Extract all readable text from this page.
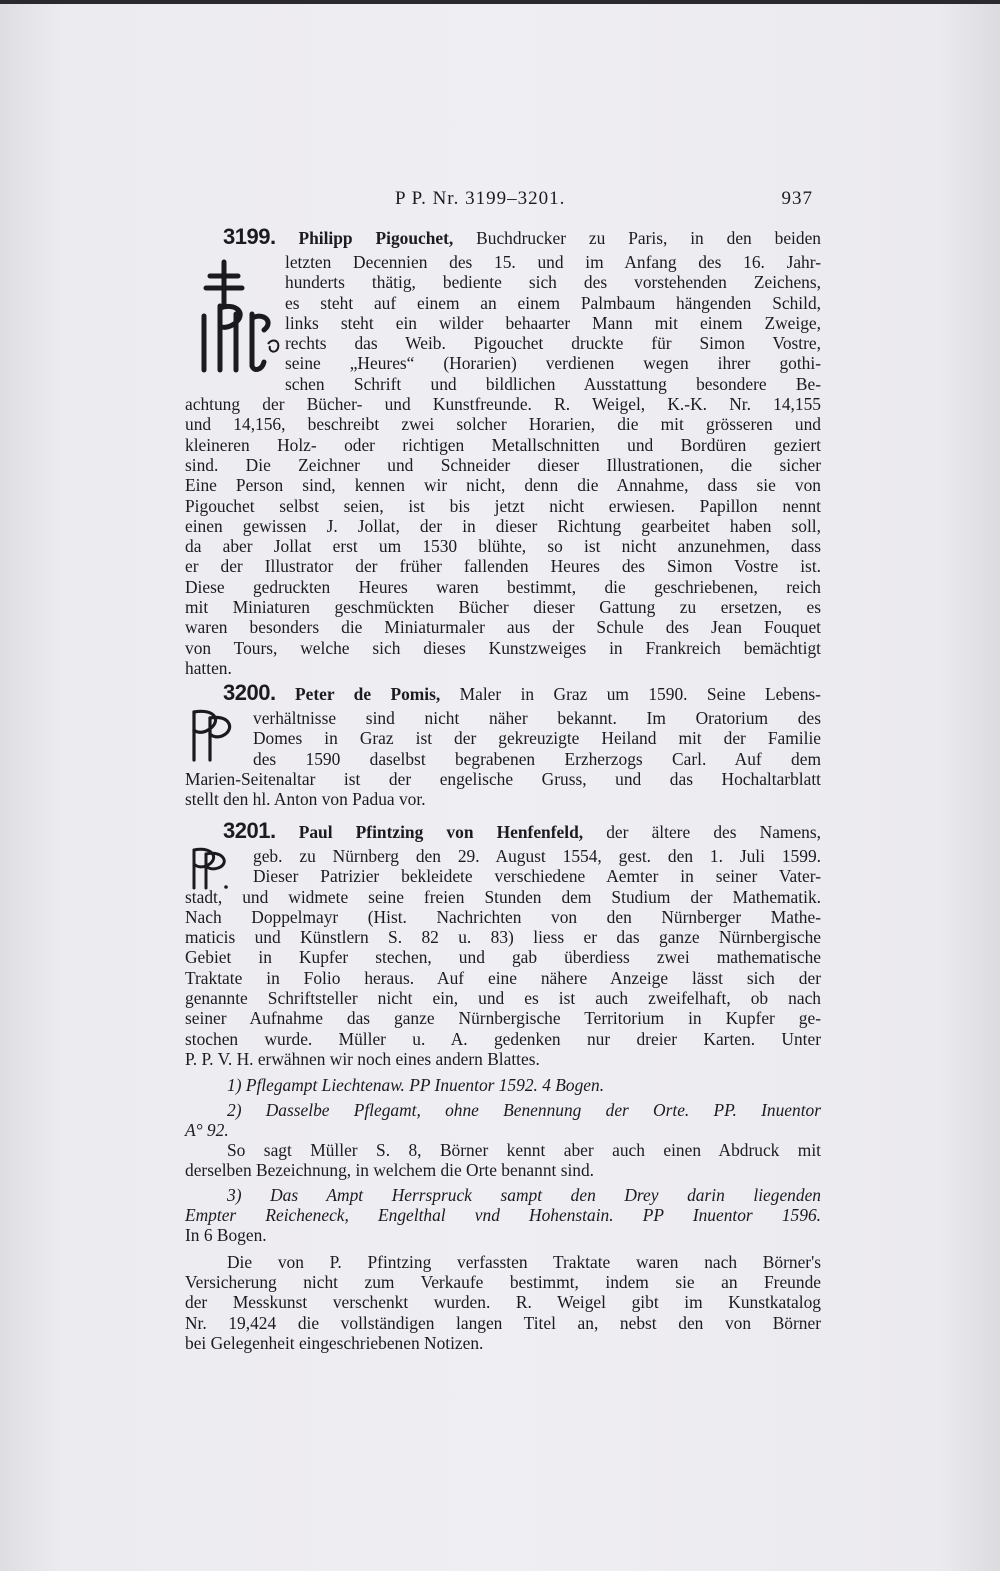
P P. Nr. 3199–3201.	937
3199. Philipp Pigouchet, Buchdrucker zu Paris, in den beiden
letzten Decennien des 15. und im Anfang des 16. Jahr-
hunderts thätig, bediente sich des vorstehenden Zeichens,
es steht auf einem an einem Palmbaum hängenden Schild,
links steht ein wilder behaarter Mann mit einem Zweige,
rechts das Weib. Pigouchet druckte für Simon Vostre,
seine „Heures“ (Horarien) verdienen wegen ihrer gothi-
schen Schrift und bildlichen Ausstattung besondere Be-
achtung der Bücher- und Kunstfreunde. R. Weigel, K.-K. Nr. 14,155
und 14,156, beschreibt zwei solcher Horarien, die mit grösseren und
kleineren Holz- oder richtigen Metallschnitten und Bordüren geziert
sind. Die Zeichner und Schneider dieser Illustrationen, die sicher
Eine Person sind, kennen wir nicht, denn die Annahme, dass sie von
Pigouchet selbst seien, ist bis jetzt nicht erwiesen. Papillon nennt
einen gewissen J. Jollat, der in dieser Richtung gearbeitet haben soll,
da aber Jollat erst um 1530 blühte, so ist nicht anzunehmen, dass
er der Illustrator der früher fallenden Heures des Simon Vostre ist.
Diese gedruckten Heures waren bestimmt, die geschriebenen, reich
mit Miniaturen geschmückten Bücher dieser Gattung zu ersetzen, es
waren besonders die Miniaturmaler aus der Schule des Jean Fouquet
von Tours, welche sich dieses Kunstzweiges in Frankreich bemächtigt
hatten.
3200. Peter de Pomis, Maler in Graz um 1590. Seine Lebens-
verhältnisse sind nicht näher bekannt. Im Oratorium des
Domes in Graz ist der gekreuzigte Heiland mit der Familie
des 1590 daselbst begrabenen Erzherzogs Carl. Auf dem
Marien-Seitenaltar ist der engelische Gruss, und das Hochaltarblatt
stellt den hl. Anton von Padua vor.
3201. Paul Pfintzing von Henfenfeld, der ältere des Namens,
geb. zu Nürnberg den 29. August 1554, gest. den 1. Juli 1599.
Dieser Patrizier bekleidete verschiedene Aemter in seiner Vater-
stadt, und widmete seine freien Stunden dem Studium der Mathematik.
Nach Doppelmayr (Hist. Nachrichten von den Nürnberger Mathe-
maticis und Künstlern S. 82 u. 83) liess er das ganze Nürnbergische
Gebiet in Kupfer stechen, und gab überdiess zwei mathematische
Traktate in Folio heraus. Auf eine nähere Anzeige lässt sich der
genannte Schriftsteller nicht ein, und es ist auch zweifelhaft, ob nach
seiner Aufnahme das ganze Nürnbergische Territorium in Kupfer ge-
stochen wurde. Müller u. A. gedenken nur dreier Karten. Unter
P. P. V. H. erwähnen wir noch eines andern Blattes.
1) Pflegampt Liechtenaw. PP Inuentor 1592. 4 Bogen.
2) Dasselbe Pflegamt, ohne Benennung der Orte. PP. Inuentor
A° 92.
So sagt Müller S. 8, Börner kennt aber auch einen Abdruck mit
derselben Bezeichnung, in welchem die Orte benannt sind.
3) Das Ampt Herrspruck sampt den Drey darin liegenden
Empter Reicheneck, Engelthal vnd Hohenstain. PP Inuentor 1596.
In 6 Bogen.
Die von P. Pfintzing verfassten Traktate waren nach Börner's
Versicherung nicht zum Verkaufe bestimmt, indem sie an Freunde
der Messkunst verschenkt wurden. R. Weigel gibt im Kunstkatalog
Nr. 19,424 die vollständigen langen Titel an, nebst den von Börner
bei Gelegenheit eingeschriebenen Notizen.
